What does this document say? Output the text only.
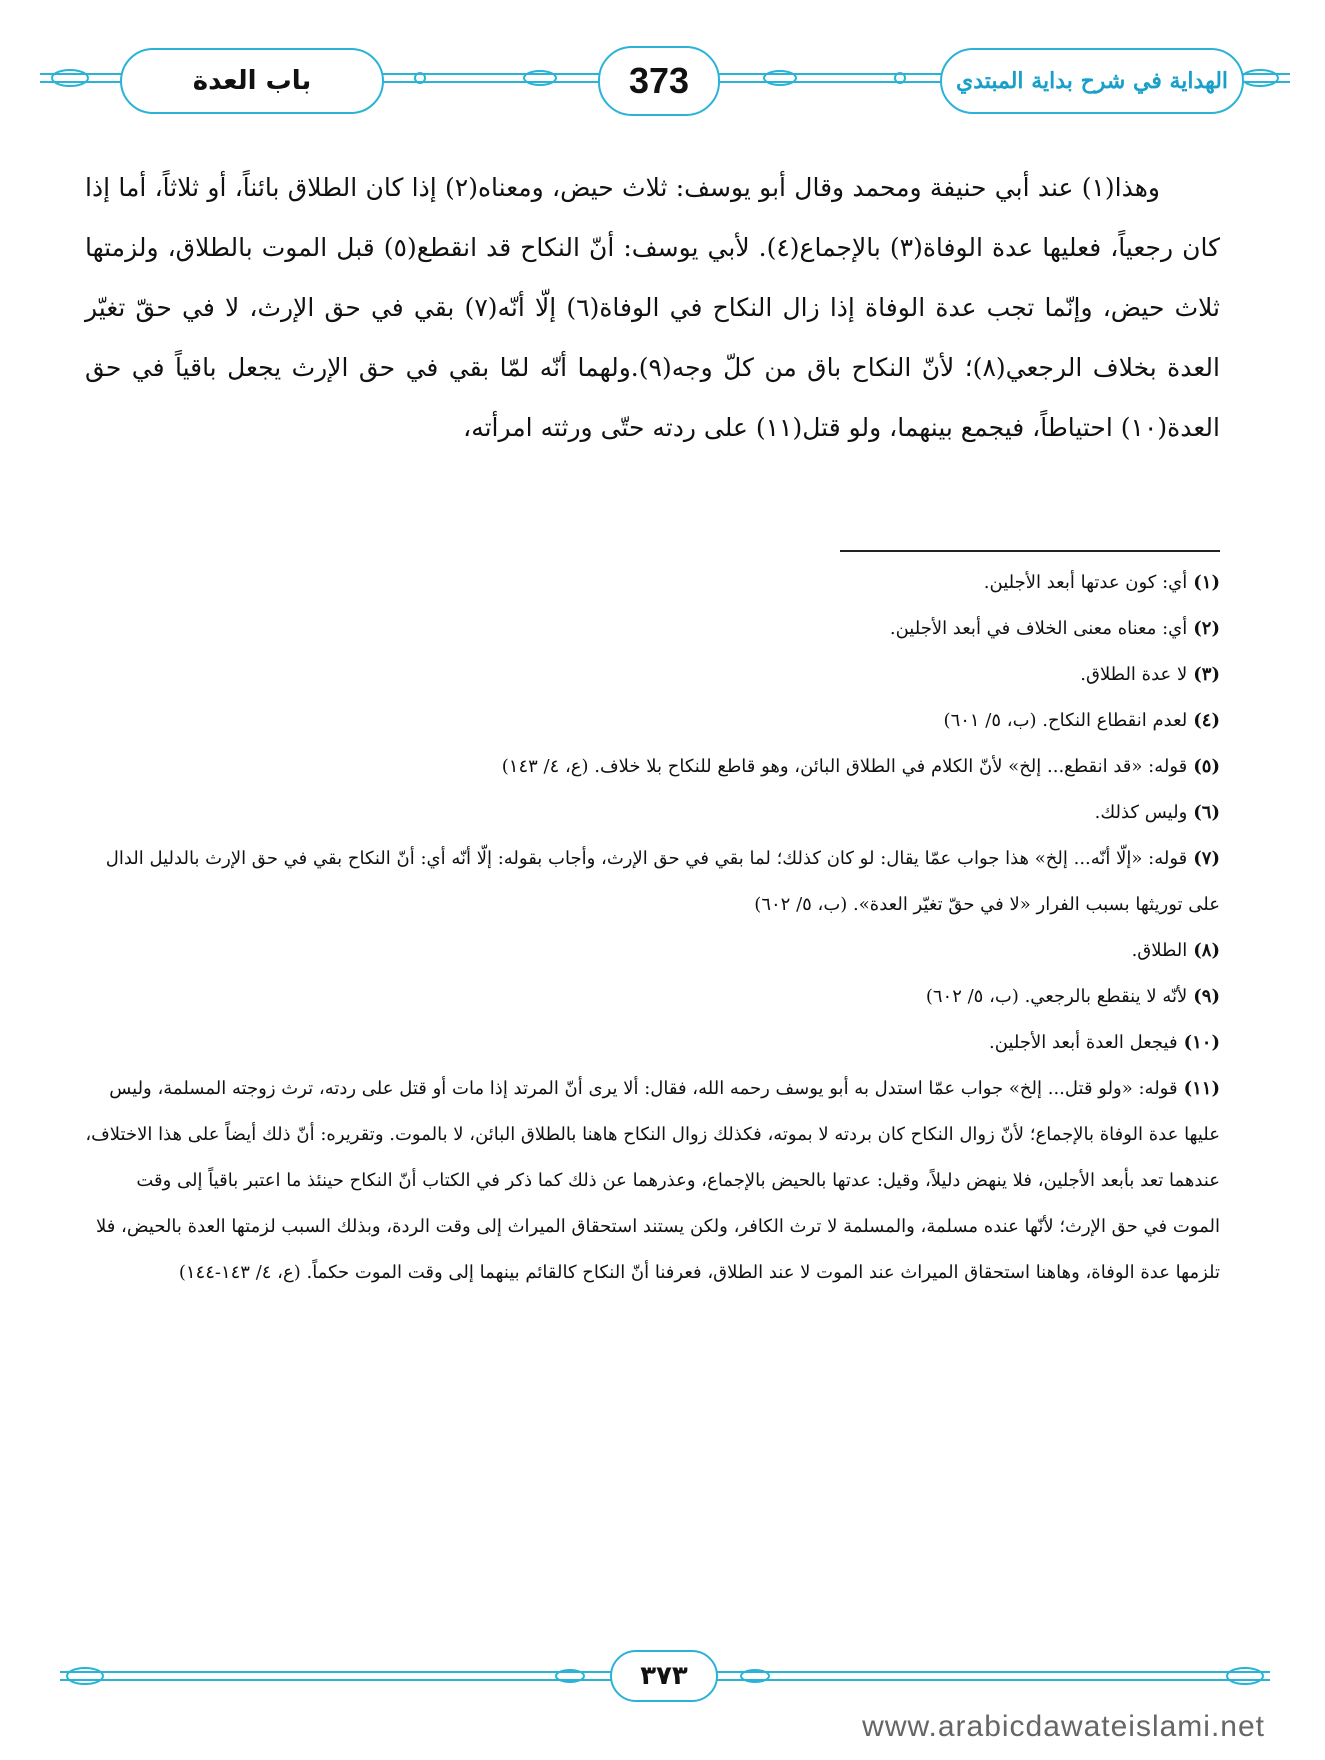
باب العدة	373	الهداية في شرح بداية المبتدي

وهذا(١) عند أبي حنيفة ومحمد وقال أبو يوسف: ثلاث حيض، ومعناه(٢) إذا كان الطلاق بائناً، أو ثلاثاً، أما إذا كان رجعياً، فعليها عدة الوفاة(٣) بالإجماع(٤). لأبي يوسف: أنّ النكاح قد انقطع(٥) قبل الموت بالطلاق، ولزمتها ثلاث حيض، وإنّما تجب عدة الوفاة إذا زال النكاح في الوفاة(٦) إلّا أنّه(٧) بقي في حق الإرث، لا في حقّ تغيّر العدة بخلاف الرجعي(٨)؛ لأنّ النكاح باق من كلّ وجه(٩).ولهما أنّه لمّا بقي في حق الإرث يجعل باقياً في حق العدة(١٠) احتياطاً، فيجمع بينهما، ولو قتل(١١) على ردته حتّى ورثته امرأته،

(١)أي: كون عدتها أبعد الأجلين.

(٢)أي: معناه معنى الخلاف في أبعد الأجلين.

(٣)لا عدة الطلاق.

(٤)لعدم انقطاع النكاح. (ب، ٥/ ٦٠١)

(٥)قوله: «قد انقطع... إلخ» لأنّ الكلام في الطلاق البائن، وهو قاطع للنكاح بلا خلاف. (ع، ٤/ ١٤٣)

(٦)وليس كذلك.

(٧)قوله: «إلّا أنّه... إلخ» هذا جواب عمّا يقال: لو كان كذلك؛ لما بقي في حق الإرث، وأجاب بقوله: إلّا أنّه أي: أنّ النكاح بقي في حق الإرث بالدليل الدال على توريثها بسبب الفرار «لا في حقّ تغيّر العدة». (ب، ٥/ ٦٠٢)

(٨)الطلاق.

(٩)لأنّه لا ينقطع بالرجعي. (ب، ٥/ ٦٠٢)

(١٠)فيجعل العدة أبعد الأجلين.

(١١)قوله: «ولو قتل... إلخ» جواب عمّا استدل به أبو يوسف رحمه الله، فقال: ألا يرى أنّ المرتد إذا مات أو قتل على ردته، ترث زوجته المسلمة، وليس عليها عدة الوفاة بالإجماع؛ لأنّ زوال النكاح كان بردته لا بموته، فكذلك زوال النكاح هاهنا بالطلاق البائن، لا بالموت. وتقريره: أنّ ذلك أيضاً على هذا الاختلاف، عندهما تعد بأبعد الأجلين، فلا ينهض دليلاً، وقيل: عدتها بالحيض بالإجماع، وعذرهما عن ذلك كما ذكر في الكتاب أنّ النكاح حينئذ ما اعتبر باقياً إلى وقت الموت في حق الإرث؛ لأنّها عنده مسلمة، والمسلمة لا ترث الكافر، ولكن يستند استحقاق الميراث إلى وقت الردة، وبذلك السبب لزمتها العدة بالحيض، فلا تلزمها عدة الوفاة، وهاهنا استحقاق الميراث عند الموت لا عند الطلاق، فعرفنا أنّ النكاح كالقائم بينهما إلى وقت الموت حكماً. (ع، ٤/ ١٤٣-١٤٤)

٣٧٣
www.arabicdawateislami.net
